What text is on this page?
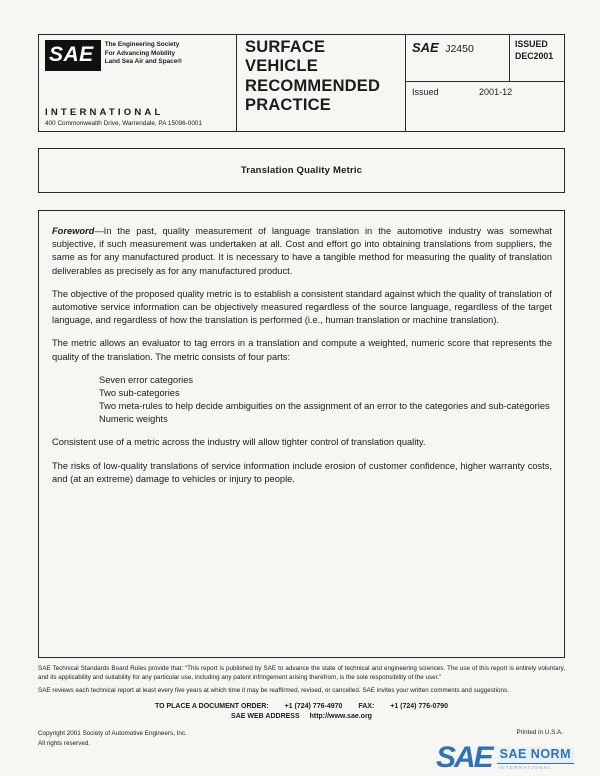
SAE	The Engineering Society
For Advancing Mobility
Land Sea Air and Space®
INTERNATIONAL
400 Commonwealth Drive, Warrendale, PA 15096-0001
SURFACE
VEHICLE
RECOMMENDED
PRACTICE
SAE J2450	ISSUED
DEC2001
Issued	2001-12
Translation Quality Metric

Foreword—In the past, quality measurement of language translation in the automotive industry was somewhat subjective, if such measurement was undertaken at all. Cost and effort go into obtaining translations from suppliers, the same as for any manufactured product. It is necessary to have a tangible method for measuring the quality of translation deliverables as precisely as for any manufactured product.

The objective of the proposed quality metric is to establish a consistent standard against which the quality of translation of automotive service information can be objectively measured regardless of the source language, regardless of the target language, and regardless of how the translation is performed (i.e., human translation or machine translation).

The metric allows an evaluator to tag errors in a translation and compute a weighted, numeric score that represents the quality of the translation. The metric consists of four parts:

Seven error categories
Two sub-categories
Two meta-rules to help decide ambiguities on the assignment of an error to the categories and sub-categories
Numeric weights

Consistent use of a metric across the industry will allow tighter control of translation quality.

The risks of low-quality translations of service information include erosion of customer confidence, higher warranty costs, and (at an extreme) damage to vehicles or injury to people.

SAE Technical Standards Board Rules provide that: “This report is published by SAE to advance the state of technical and engineering sciences. The use of this report is entirely voluntary, and its applicability and suitability for any particular use, including any patent infringement arising therefrom, is the sole responsibility of the user.”

SAE reviews each technical report at least every five years at which time it may be reaffirmed, revised, or cancelled. SAE invites your written comments and suggestions.

TO PLACE A DOCUMENT ORDER: +1 (724) 776-4970 FAX: +1 (724) 776-0790
SAE WEB ADDRESS http://www.sae.org
Copyright 2001 Society of Automotive Engineers, Inc.
All rights reserved.
Printed in U.S.A.
SAE SAE NORM
INTERNATIONAL
